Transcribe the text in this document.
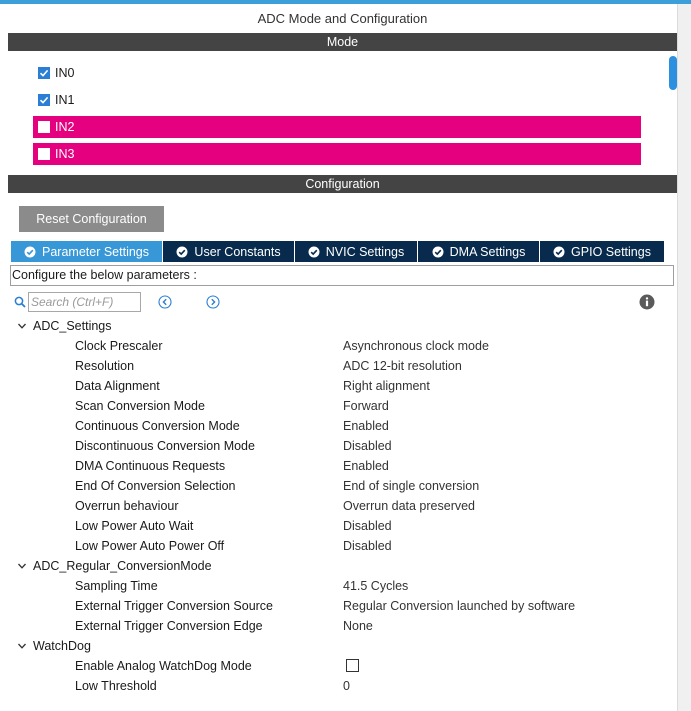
ADC Mode and Configuration
Mode
IN0
IN1
IN2
IN3
Configuration
Reset Configuration
Parameter Settings	User Constants	NVIC Settings	DMA Settings	GPIO Settings
Configure the below parameters :
Search (Ctrl+F)
ADC_Settings
Clock Prescaler	Asynchronous clock mode
Resolution	ADC 12-bit resolution
Data Alignment	Right alignment
Scan Conversion Mode	Forward
Continuous Conversion Mode	Enabled
Discontinuous Conversion Mode	Disabled
DMA Continuous Requests	Enabled
End Of Conversion Selection	End of single conversion
Overrun behaviour	Overrun data preserved
Low Power Auto Wait	Disabled
Low Power Auto Power Off	Disabled
ADC_Regular_ConversionMode
Sampling Time	41.5 Cycles
External Trigger Conversion Source	Regular Conversion launched by software
External Trigger Conversion Edge	None
WatchDog
Enable Analog WatchDog Mode
Low Threshold	0
